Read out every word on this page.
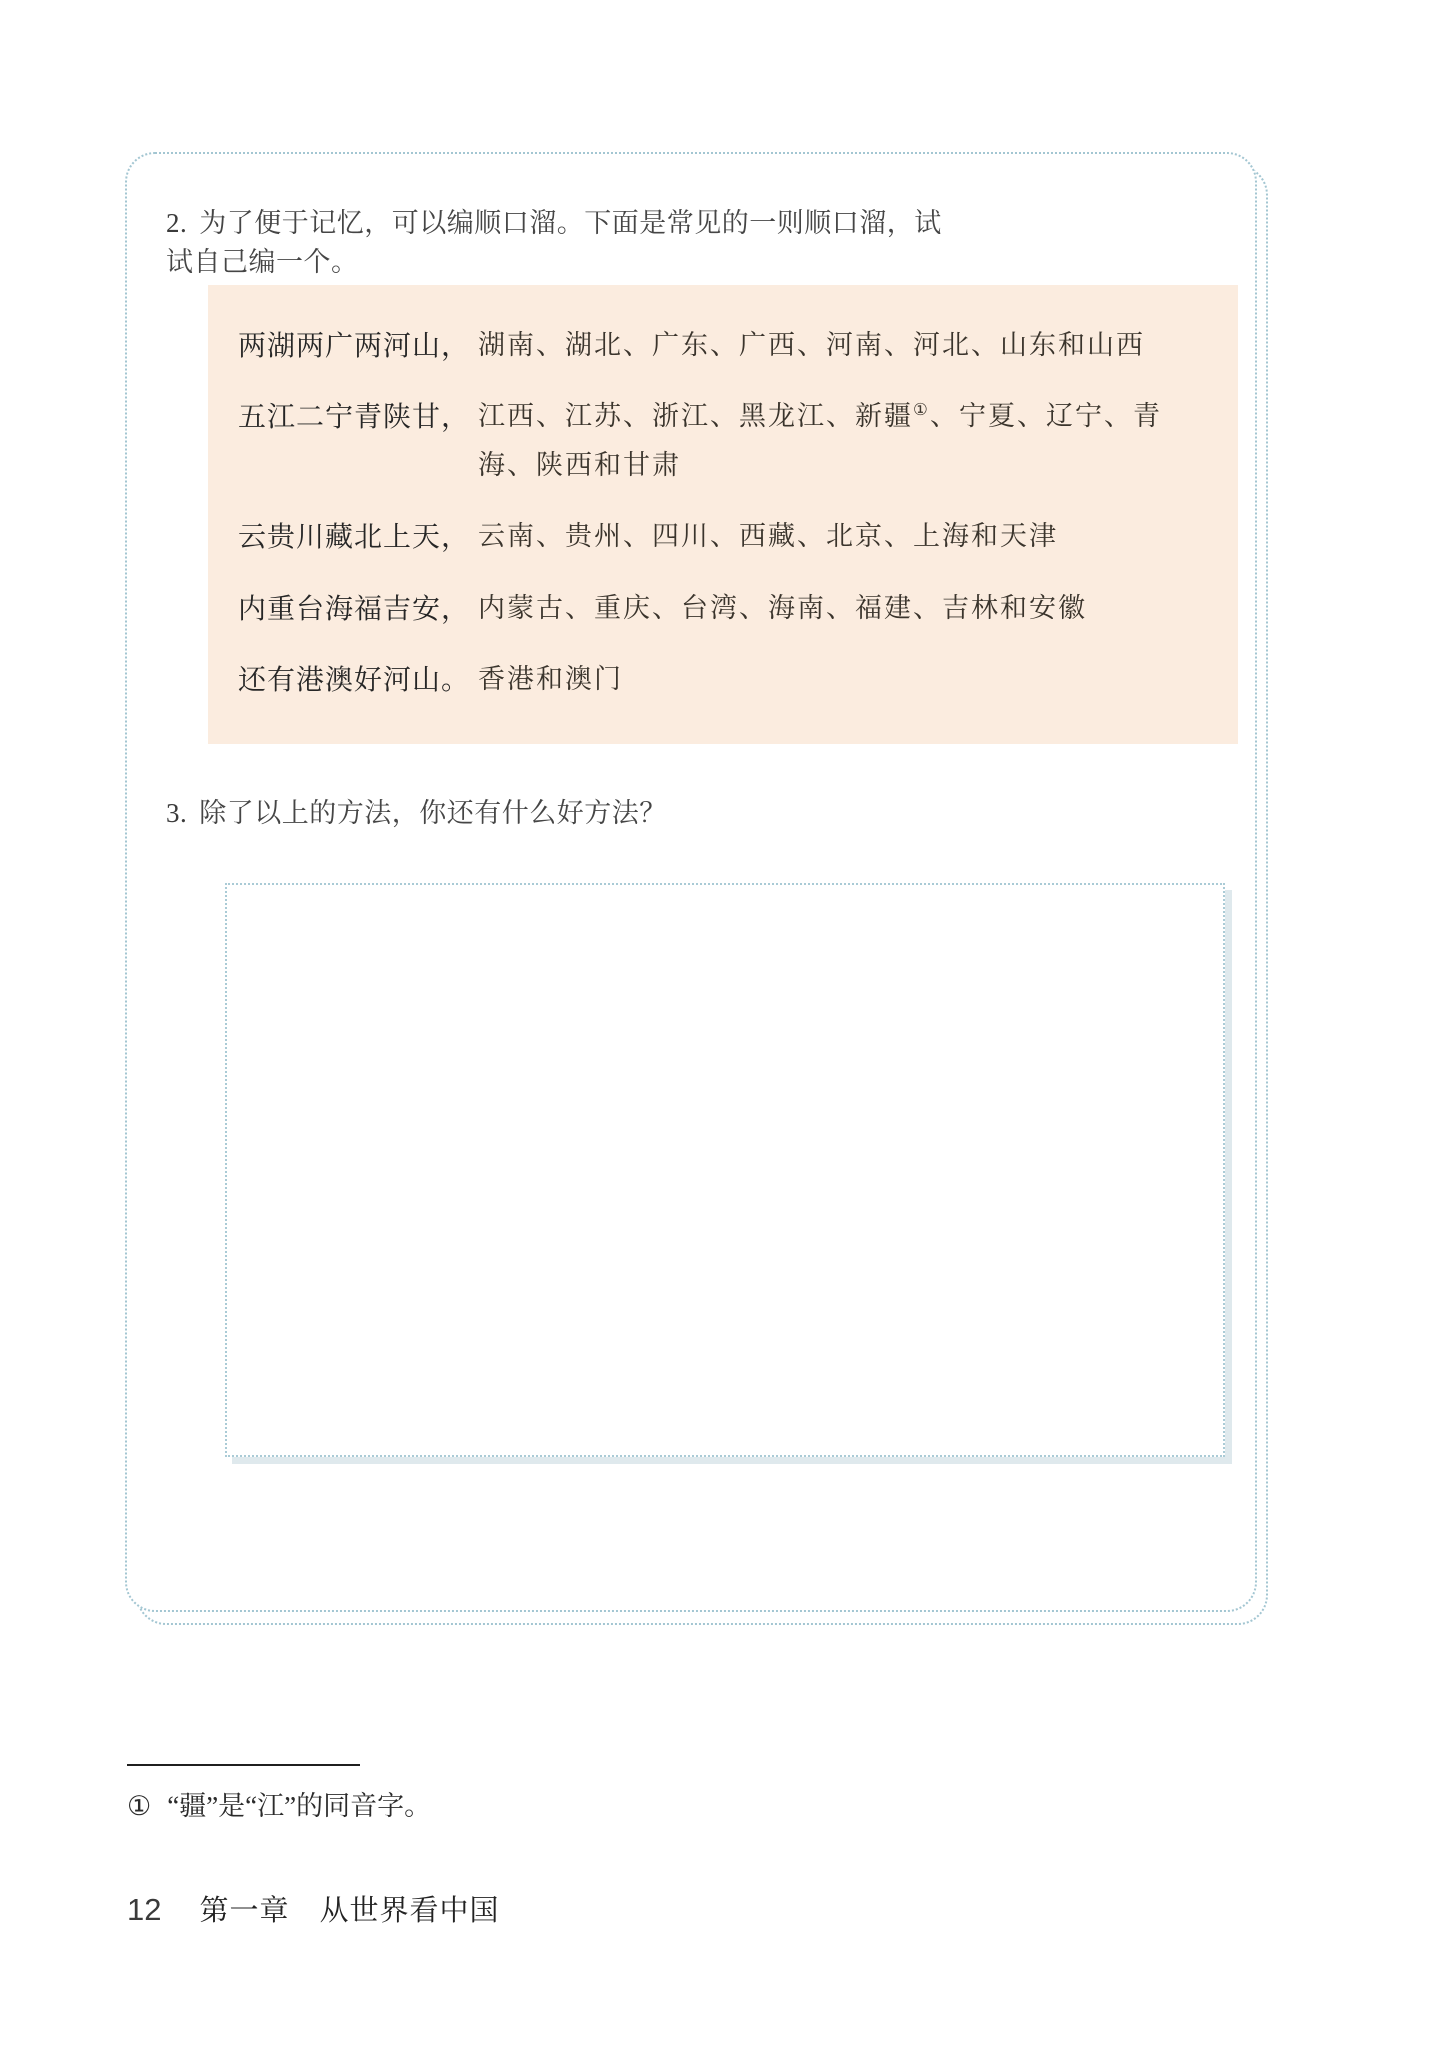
2. 为了便于记忆，可以编顺口溜。下面是常见的一则顺口溜，试试自己编一个。
两湖两广两河山， 湖南、湖北、广东、广西、河南、河北、山东和山西
五江二宁青陕甘， 江西、江苏、浙江、黑龙江、新疆①、宁夏、辽宁、青海、陕西和甘肃
云贵川藏北上天， 云南、贵州、四川、西藏、北京、上海和天津
内重台海福吉安， 内蒙古、重庆、台湾、海南、福建、吉林和安徽
还有港澳好河山。 香港和澳门
3. 除了以上的方法，你还有什么好方法？
① “疆”是“江”的同音字。
12 第一章　从世界看中国
